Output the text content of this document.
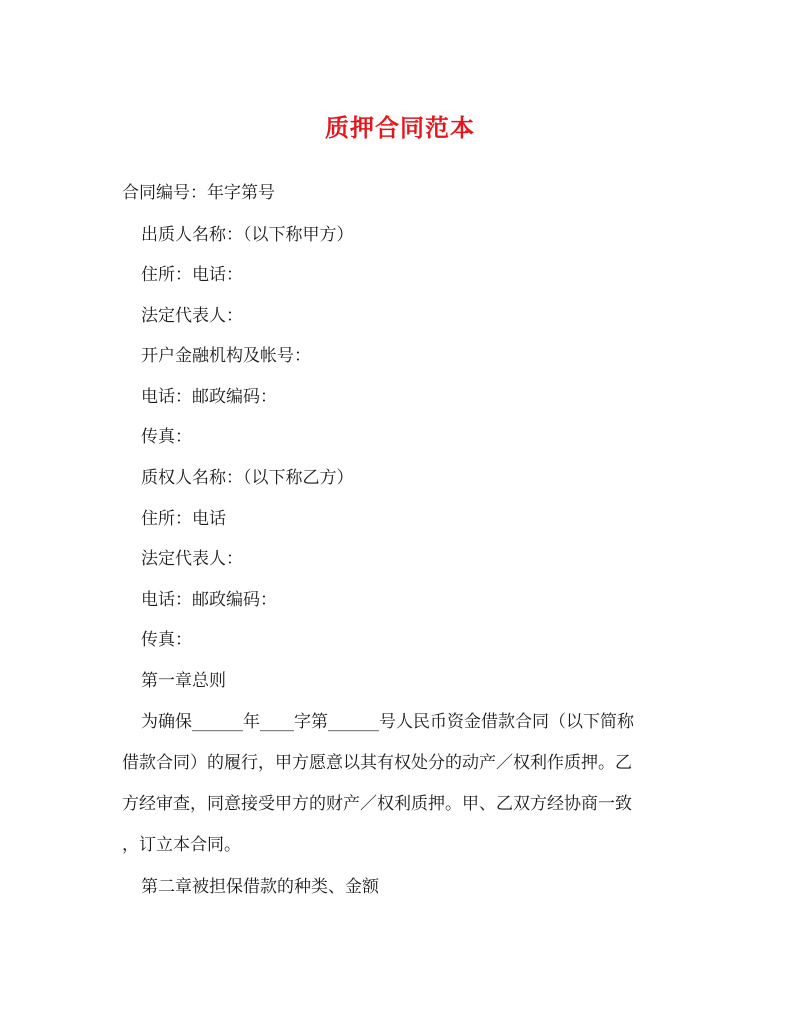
质押合同范本
合同编号：年字第号
出质人名称：（以下称甲方）
住所：电话：
法定代表人：
开户金融机构及帐号：
电话：邮政编码：
传真：
质权人名称：（以下称乙方）
住所：电话
法定代表人：
电话：邮政编码：
传真：
第一章总则
为确保______年____字第______号人民币资金借款合同（以下简称
借款合同）的履行，甲方愿意以其有权处分的动产／权利作质押。乙
方经审查，同意接受甲方的财产／权利质押。甲、乙双方经协商一致
，订立本合同。
第二章被担保借款的种类、金额
